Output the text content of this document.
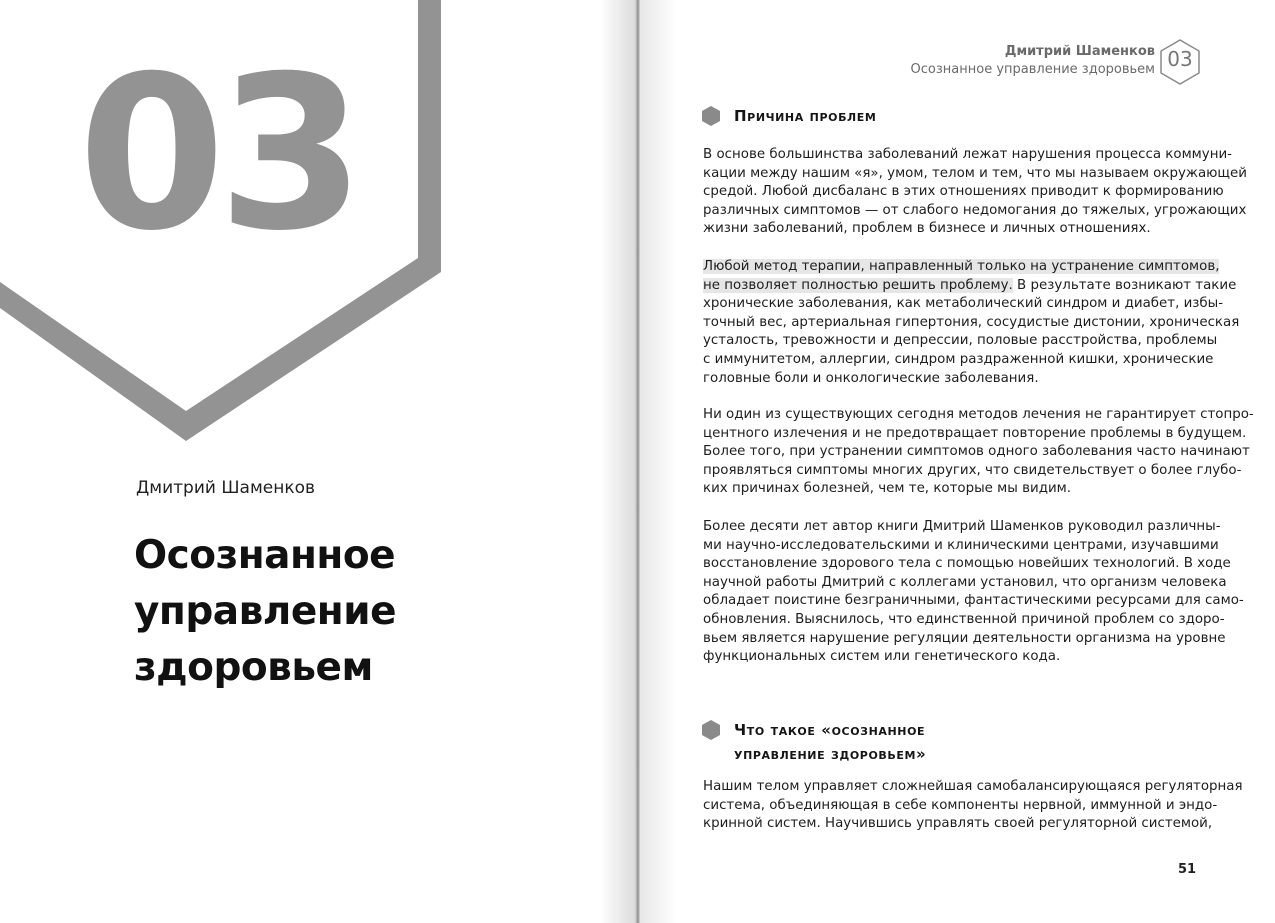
03
Дмитрий Шаменков
Осознанное
управление
здоровьем
Дмитрий Шаменков
Осознанное управление здоровьем 03
Причина проблем
В основе большинства заболеваний лежат нарушения процесса коммуни-
кации между нашим «я», умом, телом и тем, что мы называем окружающей
средой. Любой дисбаланс в этих отношениях приводит к формированию
различных симптомов — от слабого недомогания до тяжелых, угрожающих
жизни заболеваний, проблем в бизнесе и личных отношениях.
Любой метод терапии, направленный только на устранение симптомов,
не позволяет полностью решить проблему. В результате возникают такие
хронические заболевания, как метаболический синдром и диабет, избы-
точный вес, артериальная гипертония, сосудистые дистонии, хроническая
усталость, тревожности и депрессии, половые расстройства, проблемы
с иммунитетом, аллергии, синдром раздраженной кишки, хронические
головные боли и онкологические заболевания.
Ни один из существующих сегодня методов лечения не гарантирует стопро-
центного излечения и не предотвращает повторение проблемы в будущем.
Более того, при устранении симптомов одного заболевания часто начинают
проявляться симптомы многих других, что свидетельствует о более глубо-
ких причинах болезней, чем те, которые мы видим.
Более десяти лет автор книги Дмитрий Шаменков руководил различны-
ми научно-исследовательскими и клиническими центрами, изучавшими
восстановление здорового тела с помощью новейших технологий. В ходе
научной работы Дмитрий с коллегами установил, что организм человека
обладает поистине безграничными, фантастическими ресурсами для само-
обновления. Выяснилось, что единственной причиной проблем со здоро-
вьем является нарушение регуляции деятельности организма на уровне
функциональных систем или генетического кода.
Что такое «осознанное
управление здоровьем»
Нашим телом управляет сложнейшая самобалансирующаяся регуляторная
система, объединяющая в себе компоненты нервной, иммунной и эндо-
кринной систем. Научившись управлять своей регуляторной системой,
51
